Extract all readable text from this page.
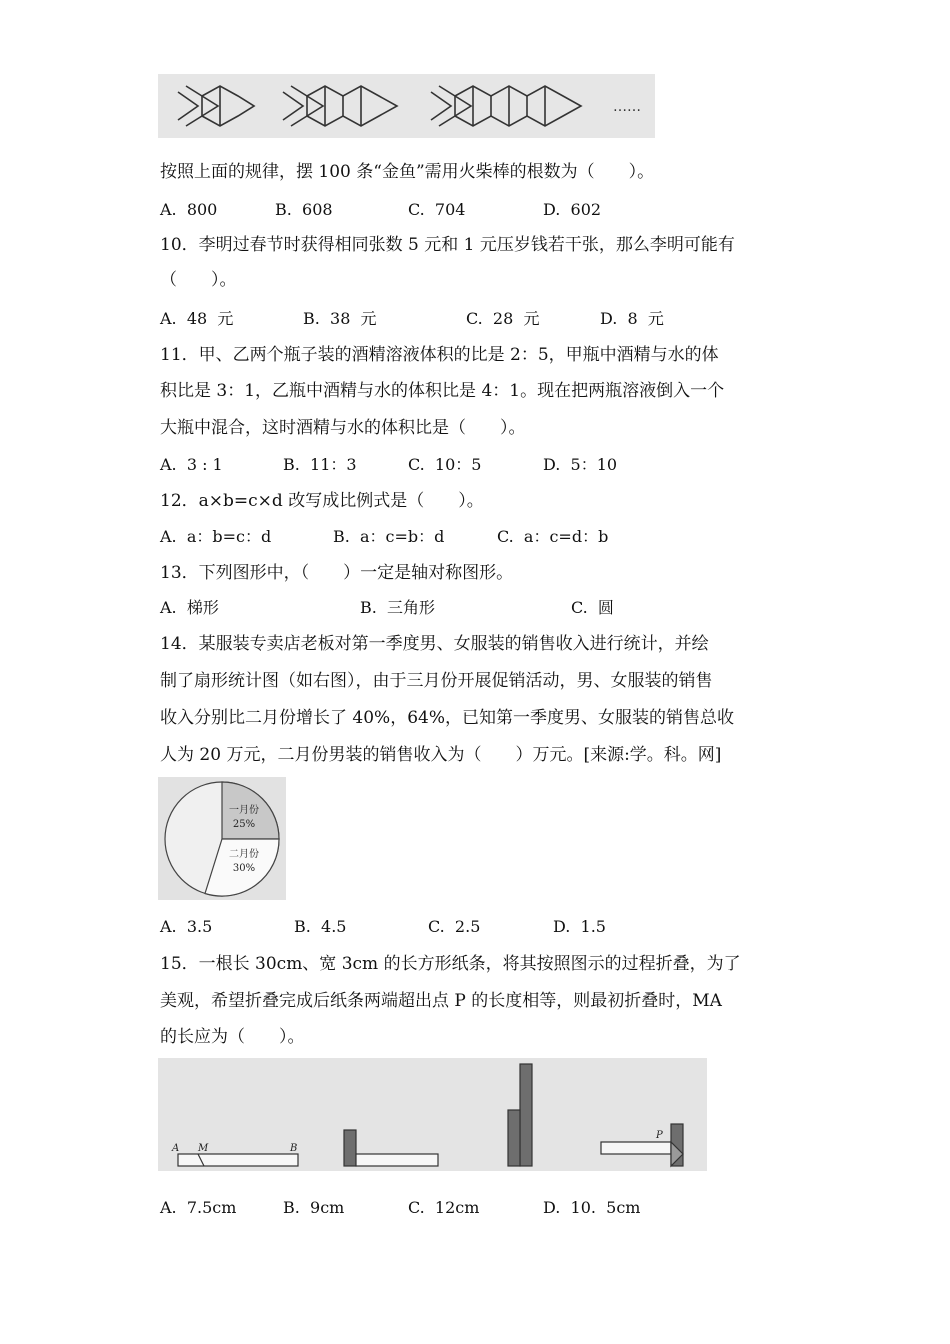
……
按照上面的规律，摆 100 条“金鱼”需用火柴棒的根数为（　　）。
A.  800	B.  608	C.  704	D.  602
10．李明过春节时获得相同张数 5 元和 1 元压岁钱若干张，那么李明可能有
（　　）。
A.  48  元	B.  38  元	C.  28  元	D.  8  元
11．甲、乙两个瓶子装的酒精溶液体积的比是 2：5，甲瓶中酒精与水的体
积比是 3：1，乙瓶中酒精与水的体积比是 4：1。现在把两瓶溶液倒入一个
大瓶中混合，这时酒精与水的体积比是（　　）。
A.  3 : 1	B.  11：3	C.  10：5	D.  5：10
12．a×b=c×d 改写成比例式是（　　）。
A.  a：b=c：d	B.  a：c=b：d	C.  a：c=d：b
13．下列图形中，（　　）一定是轴对称图形。
A.  梯形	B.  三角形	C.  圆
14．某服装专卖店老板对第一季度男、女服装的销售收入进行统计，并绘
制了扇形统计图（如右图），由于三月份开展促销活动，男、女服装的销售
收入分别比二月份增长了 40%，64%，已知第一季度男、女服装的销售总收
人为 20 万元，二月份男装的销售收入为（　　）万元。[来源:学。科。网]
一月份
25%
二月份
30%
A.  3.5	B.  4.5	C.  2.5	D.  1.5
15．一根长 30cm、宽 3cm 的长方形纸条，将其按照图示的过程折叠，为了
美观，希望折叠完成后纸条两端超出点 P 的长度相等，则最初折叠时，MA
的长应为（　　）。
A M	B
P
A.  7.5cm	B.  9cm	C.  12cm	D.  10.  5cm
